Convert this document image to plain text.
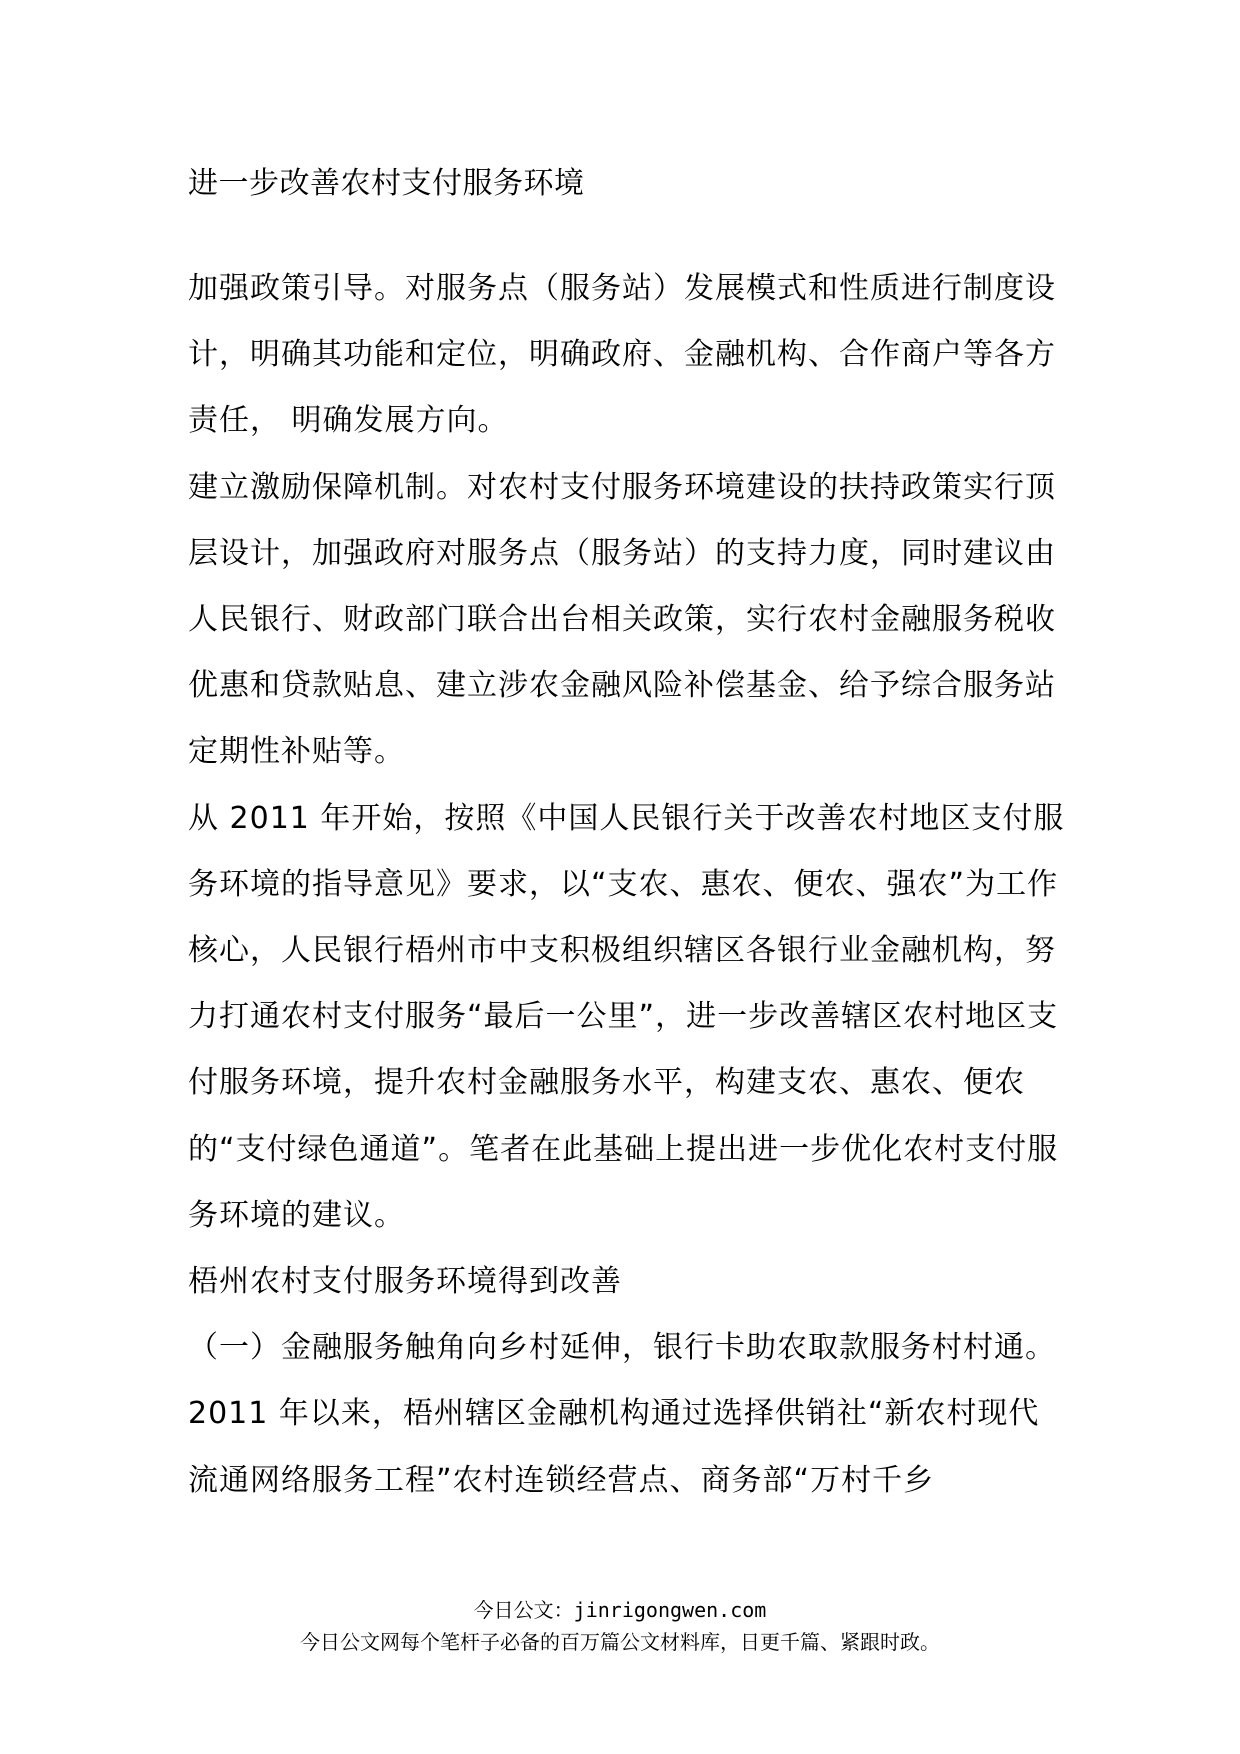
进一步改善农村支付服务环境

加强政策引导。对服务点（服务站）发展模式和性质进行制度设计，明确其功能和定位，明确政府、金融机构、合作商户等各方责任， 明确发展方向。

建立激励保障机制。对农村支付服务环境建设的扶持政策实行顶层设计，加强政府对服务点（服务站）的支持力度，同时建议由人民银行、财政部门联合出台相关政策，实行农村金融服务税收优惠和贷款贴息、建立涉农金融风险补偿基金、给予综合服务站定期性补贴等。

从 2011 年开始，按照《中国人民银行关于改善农村地区支付服务环境的指导意见》要求，以“支农、惠农、便农、强农”为工作核心，人民银行梧州市中支积极组织辖区各银行业金融机构，努力打通农村支付服务“最后一公里”，进一步改善辖区农村地区支付服务环境，提升农村金融服务水平，构建支农、惠农、便农的“支付绿色通道”。笔者在此基础上提出进一步优化农村支付服务环境的建议。

梧州农村支付服务环境得到改善

（一）金融服务触角向乡村延伸，银行卡助农取款服务村村通。

2011 年以来，梧州辖区金融机构通过选择供销社“新农村现代流通网络服务工程”农村连锁经营点、商务部“万村千乡

今日公文：jinrigongwen.com
今日公文网每个笔杆子必备的百万篇公文材料库，日更千篇、紧跟时政。
